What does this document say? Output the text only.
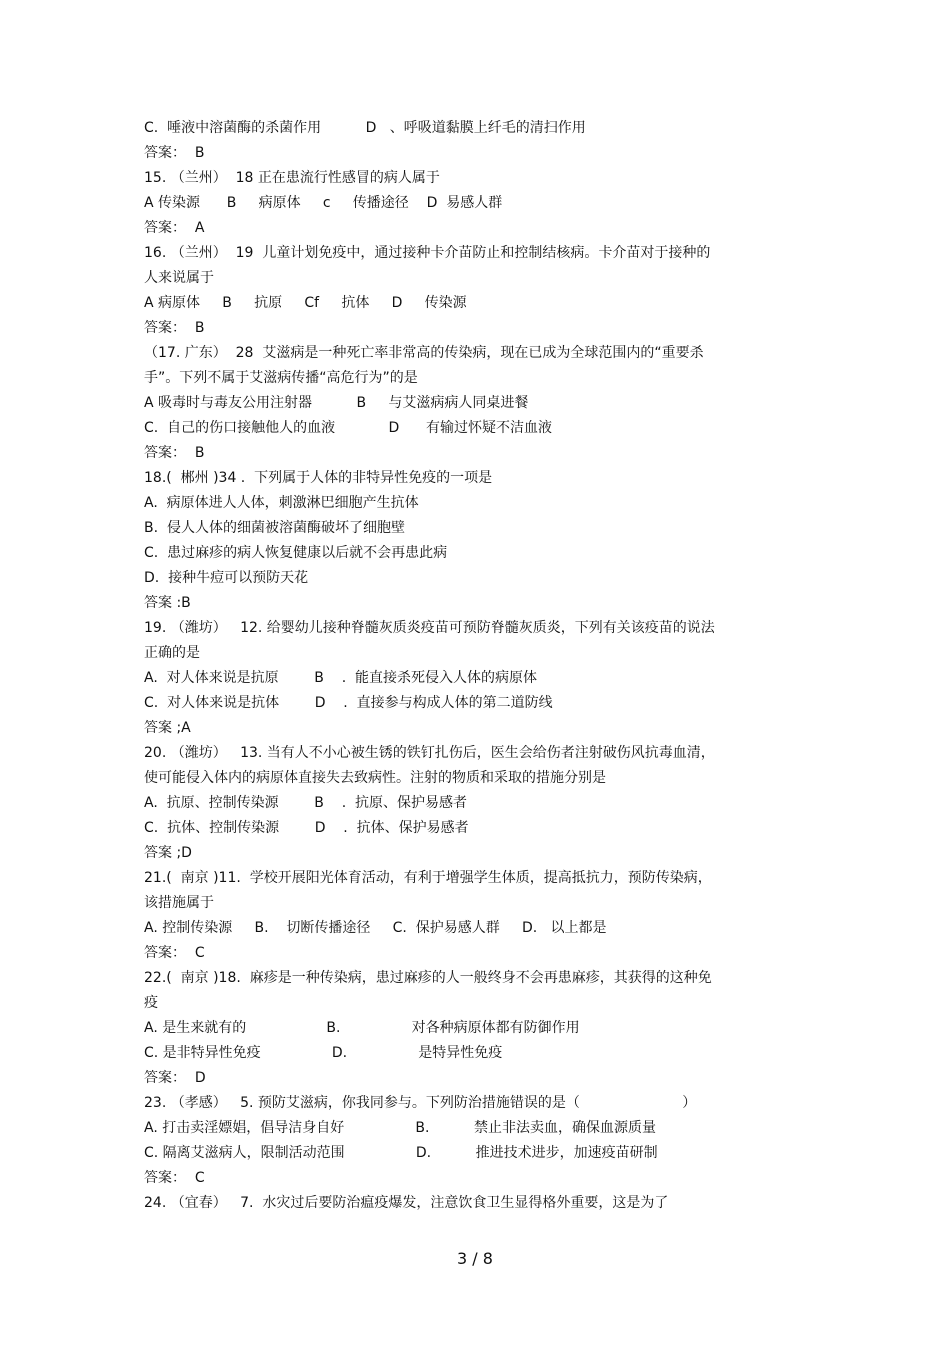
C.  唾液中溶菌酶的杀菌作用          D   、呼吸道黏膜上纤毛的清扫作用
答案：  B
15. （兰州）  18 正在患流行性感冒的病人属于
A 传染源      B     病原体     c     传播途径    D  易感人群
答案：  A
16. （兰州）  19  儿童计划免疫中，通过接种卡介苗防止和控制结核病。卡介苗对于接种的
人来说属于
A 病原体     B     抗原     Cf     抗体     D     传染源
答案：  B
（17. 广东）  28  艾滋病是一种死亡率非常高的传染病，现在已成为全球范围内的“重要杀
手”。下列不属于艾滋病传播“高危行为”的是
A 吸毒时与毒友公用注射器          B     与艾滋病病人同桌进餐
C.  自己的伤口接触他人的血液            D      有输过怀疑不洁血液
答案：  B
18.(  郴州 )34 .  下列属于人体的非特异性免疫的一项是
A.  病原体进人人体，刺激淋巴细胞产生抗体
B.  侵人人体的细菌被溶菌酶破坏了细胞壁
C.  患过麻疹的病人恢复健康以后就不会再患此病
D.  接种牛痘可以预防天花
答案 :B
19. （潍坊）   12. 给婴幼儿接种脊髓灰质炎疫苗可预防脊髓灰质炎，下列有关该疫苗的说法
正确的是
A.  对人体来说是抗原        B    .  能直接杀死侵入人体的病原体
C.  对人体来说是抗体        D    .  直接参与构成人体的第二道防线
答案 ;A
20. （潍坊）   13. 当有人不小心被生锈的铁钉扎伤后，医生会给伤者注射破伤风抗毒血清，
使可能侵入体内的病原体直接失去致病性。注射的物质和采取的措施分别是
A.  抗原、控制传染源        B    .  抗原、保护易感者
C.  抗体、控制传染源        D    .  抗体、保护易感者
答案 ;D
21.(  南京 )11.  学校开展阳光体育活动，有利于增强学生体质，提高抵抗力，预防传染病，
该措施属于
A. 控制传染源     B.    切断传播途径     C.  保护易感人群     D.   以上都是
答案：  C
22.(  南京 )18.  麻疹是一种传染病，患过麻疹的人一般终身不会再患麻疹，其获得的这种免
疫
A. 是生来就有的                  B.                对各种病原体都有防御作用
C. 是非特异性免疫                D.                是特异性免疫
答案：  D
23. （孝感）   5. 预防艾滋病，你我同参与。下列防治措施错误的是（                       ）
A. 打击卖淫嫖娼，倡导洁身自好                B.          禁止非法卖血，确保血源质量
C. 隔离艾滋病人，限制活动范围                D.          推进技术进步，加速疫苗研制
答案：  C
24. （宜春）   7.  水灾过后要防治瘟疫爆发，注意饮食卫生显得格外重要，这是为了
3 / 8
